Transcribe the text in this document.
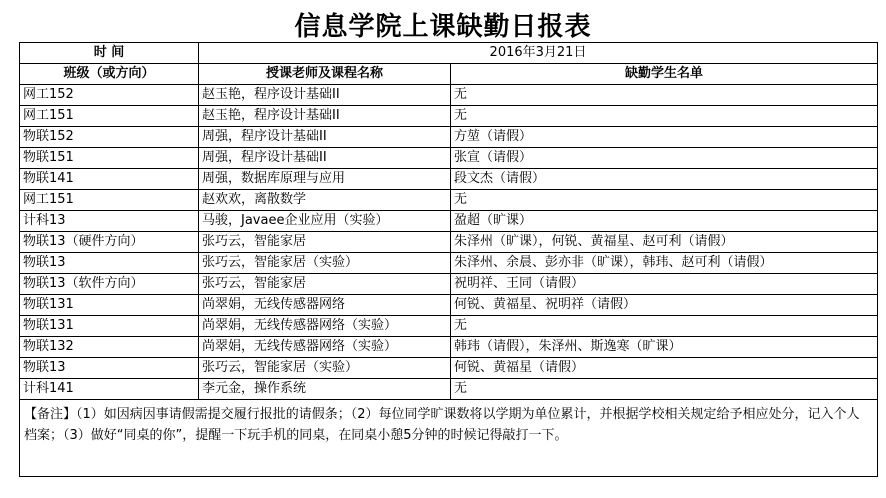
信息学院上课缺勤日报表
时 间	2016年3月21日	
班级（或方向）	授课老师及课程名称	缺勤学生名单
网工152	赵玉艳，程序设计基础II	无
网工151	赵玉艳，程序设计基础II	无
物联152	周强，程序设计基础II	方堃（请假）
物联151	周强，程序设计基础II	张宣（请假）
物联141	周强，数据库原理与应用	段文杰（请假）
网工151	赵欢欢，离散数学	无
计科13	马骏，Javaee企业应用（实验）	盈超（旷课）
物联13（硬件方向）	张巧云，智能家居	朱泽州（旷课），何锐、黄福星、赵可利（请假）
物联13	张巧云，智能家居（实验）	朱泽州、余晨、彭亦非（旷课），韩玮、赵可利（请假）
物联13（软件方向）	张巧云，智能家居	祝明祥、王同（请假）
物联131	尚翠娟，无线传感器网络	何锐、黄福星、祝明祥（请假）
物联131	尚翠娟，无线传感器网络（实验）	无
物联132	尚翠娟，无线传感器网络（实验）	韩玮（请假），朱泽州、斯逸寒（旷课）
物联13	张巧云，智能家居（实验）	何锐、黄福星（请假）
计科141	李元金，操作系统	无
【备注】（1）如因病因事请假需提交履行报批的请假条；（2）每位同学旷课数将以学期为单位累计，并根据学校相关规定给予相应处分，记入个人档案；（3）做好“同桌的你”，提醒一下玩手机的同桌，在同桌小憩5分钟的时候记得敲打一下。		
